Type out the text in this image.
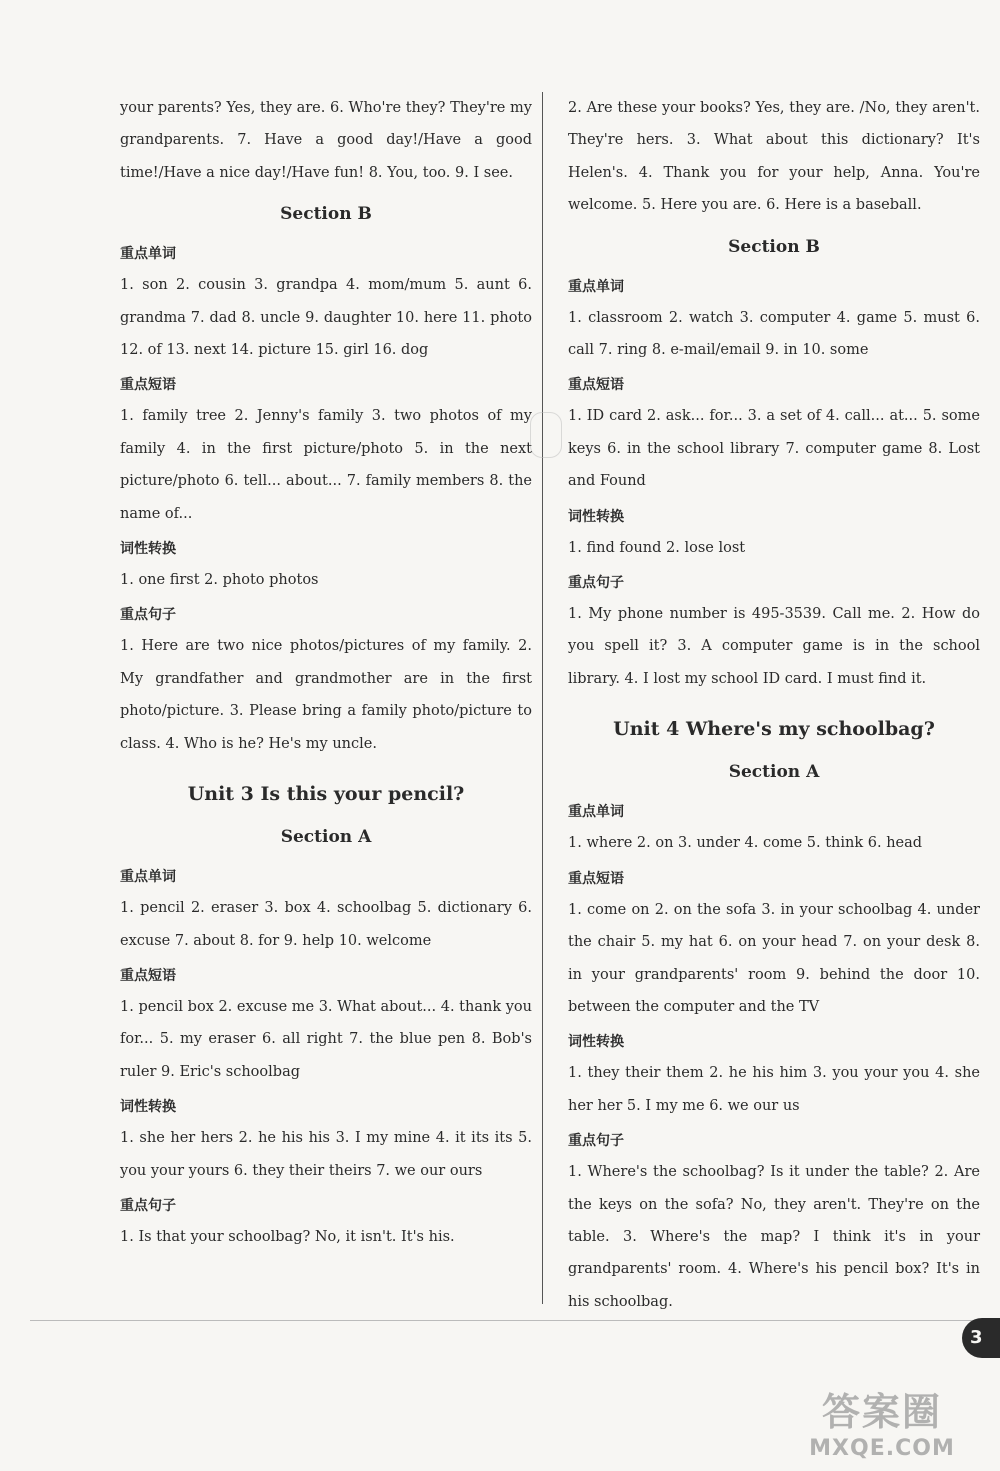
your parents? Yes, they are. 6. Who're they? They're my grandparents. 7. Have a good day!/Have a good time!/Have a nice day!/Have fun! 8. You, too. 9. I see.

Section B
重点单词

1. son 2. cousin 3. grandpa 4. mom/mum 5. aunt 6. grandma 7. dad 8. uncle 9. daughter 10. here 11. photo 12. of 13. next 14. picture 15. girl 16. dog

重点短语

1. family tree 2. Jenny's family 3. two photos of my family 4. in the first picture/photo 5. in the next picture/photo 6. tell... about... 7. family members 8. the name of...

词性转换

1. one first 2. photo photos

重点句子

1. Here are two nice photos/pictures of my family. 2. My grandfather and grandmother are in the first photo/picture. 3. Please bring a family photo/picture to class. 4. Who is he? He's my uncle.

Unit 3 Is this your pencil?
Section A
重点单词

1. pencil 2. eraser 3. box 4. schoolbag 5. dictionary 6. excuse 7. about 8. for 9. help 10. welcome

重点短语

1. pencil box 2. excuse me 3. What about... 4. thank you for... 5. my eraser 6. all right 7. the blue pen 8. Bob's ruler 9. Eric's schoolbag

词性转换

1. she her hers 2. he his his 3. I my mine 4. it its its 5. you your yours 6. they their theirs 7. we our ours

重点句子

1. Is that your schoolbag? No, it isn't. It's his.

2. Are these your books? Yes, they are. /No, they aren't. They're hers. 3. What about this dictionary? It's Helen's. 4. Thank you for your help, Anna. You're welcome. 5. Here you are. 6. Here is a baseball.

Section B
重点单词

1. classroom 2. watch 3. computer 4. game 5. must 6. call 7. ring 8. e-mail/email 9. in 10. some

重点短语

1. ID card 2. ask... for... 3. a set of 4. call... at... 5. some keys 6. in the school library 7. computer game 8. Lost and Found

词性转换

1. find found 2. lose lost

重点句子

1. My phone number is 495-3539. Call me. 2. How do you spell it? 3. A computer game is in the school library. 4. I lost my school ID card. I must find it.

Unit 4 Where's my schoolbag?
Section A
重点单词

1. where 2. on 3. under 4. come 5. think 6. head

重点短语

1. come on 2. on the sofa 3. in your schoolbag 4. under the chair 5. my hat 6. on your head 7. on your desk 8. in your grandparents' room 9. behind the door 10. between the computer and the TV

词性转换

1. they their them 2. he his him 3. you your you 4. she her her 5. I my me 6. we our us

重点句子

1. Where's the schoolbag? Is it under the table? 2. Are the keys on the sofa? No, they aren't. They're on the table. 3. Where's the map? I think it's in your grandparents' room. 4. Where's his pencil box? It's in his schoolbag.

3
答案圈
MXQE.COM
